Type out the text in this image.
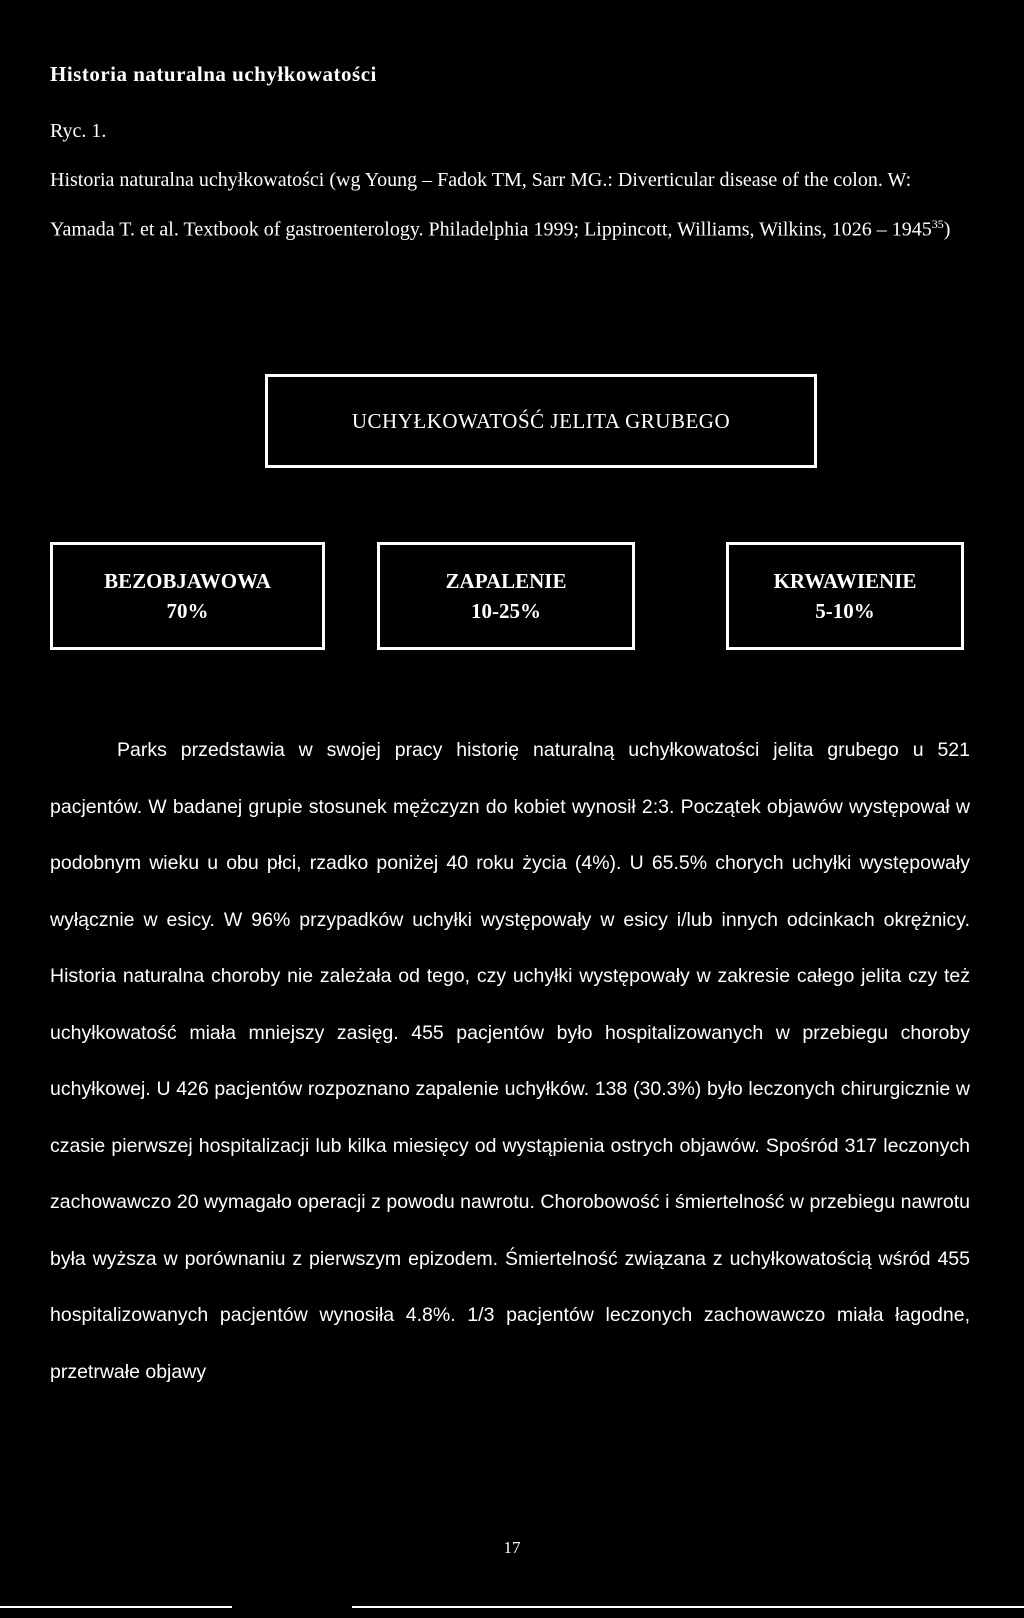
Historia naturalna uchyłkowatości
Ryc. 1.

Historia naturalna uchyłkowatości (wg Young – Fadok TM, Sarr MG.: Diverticular disease of the colon. W: Yamada T. et al. Textbook of gastroenterology. Philadelphia 1999; Lippincott, Williams, Wilkins, 1026 – 1945$^{35}$)

UCHYŁKOWATOŚĆ JELITA GRUBEGO
BEZOBJAWOWA
70%
ZAPALENIE
10-25%
KRWAWIENIE
5-10%

Parks przedstawia w swojej pracy historię naturalną uchyłkowatości jelita grubego u 521 pacjentów. W badanej grupie stosunek mężczyzn do kobiet wynosił 2:3. Początek objawów występował w podobnym wieku u obu płci, rzadko poniżej 40 roku życia (4%). U 65.5% chorych uchyłki występowały wyłącznie w esicy. W 96% przypadków uchyłki występowały w esicy i/lub innych odcinkach okrężnicy. Historia naturalna choroby nie zależała od tego, czy uchyłki występowały w zakresie całego jelita czy też uchyłkowatość miała mniejszy zasięg. 455 pacjentów było hospitalizowanych w przebiegu choroby uchyłkowej. U 426 pacjentów rozpoznano zapalenie uchyłków. 138 (30.3%) było leczonych chirurgicznie w czasie pierwszej hospitalizacji lub kilka miesięcy od wystąpienia ostrych objawów. Spośród 317 leczonych zachowawczo 20 wymagało operacji z powodu nawrotu. Chorobowość i śmiertelność w przebiegu nawrotu była wyższa w porównaniu z pierwszym epizodem. Śmiertelność związana z uchyłkowatością wśród 455 hospitalizowanych pacjentów wynosiła 4.8%. 1/3 pacjentów leczonych zachowawczo miała łagodne, przetrwałe objawy

17
